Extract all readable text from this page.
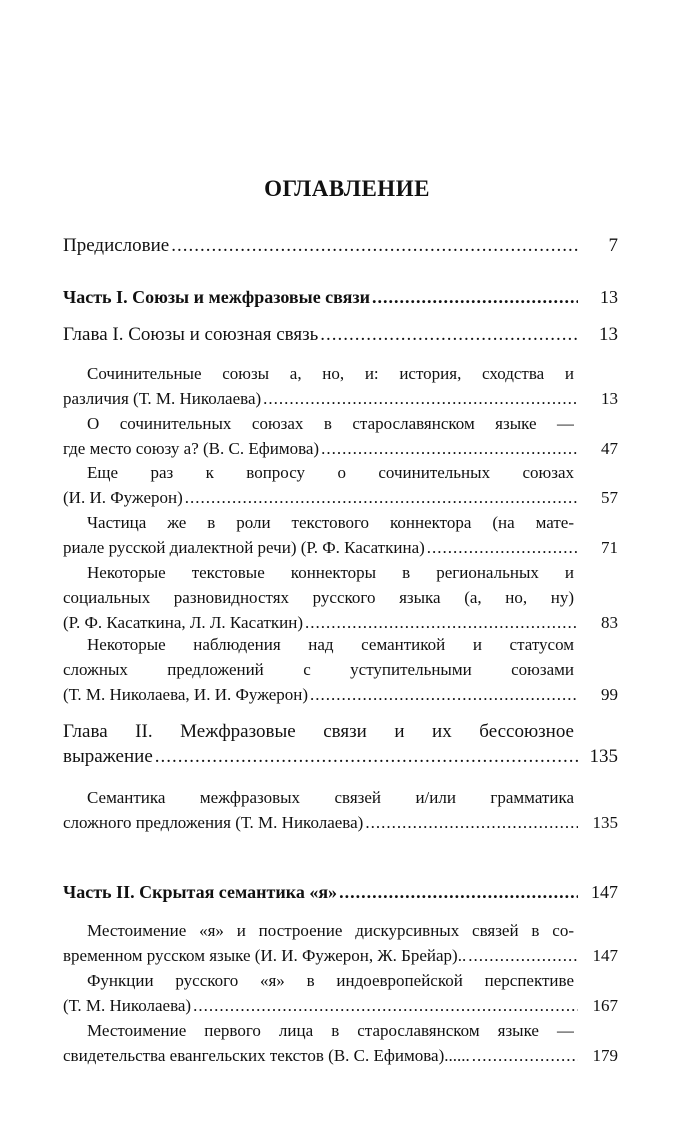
ОГЛАВЛЕНИЕ
Предисловие .....	7
Часть I. Союзы и межфразовые связи .....	13
Глава I. Союзы и союзная связь .....	13
Сочинительные союзы а, но, и: история, сходства и
различия (Т. М. Николаева) .....	13
О сочинительных союзах в старославянском языке —
где место союзу а? (В. С. Ефимова) .....	47
Еще раз к вопросу о сочинительных союзах
(И. И. Фужерон) .....	57
Частица же в роли текстового коннектора (на мате-
риале русской диалектной речи) (Р. Ф. Касаткина) .....	71
Некоторые текстовые коннекторы в региональных и
социальных разновидностях русского языка (а, но, ну)
(Р. Ф. Касаткина, Л. Л. Касаткин) .....	83
Некоторые наблюдения над семантикой и статусом
сложных предложений с уступительными союзами
(Т. М. Николаева, И. И. Фужерон) .....	99
Глава II. Межфразовые связи и их бессоюзное
выражение .....	135
Семантика межфразовых связей и/или грамматика
сложного предложения (Т. М. Николаева) .....	135
Часть II. Скрытая семантика «я» .....	147
Местоимение «я» и построение дискурсивных связей в со-
временном русском языке (И. И. Фужерон, Ж. Брейар).. .....	147
Функции русского «я» в индоевропейской перспективе
(Т. М. Николаева) .....	167
Местоимение первого лица в старославянском языке —
свидетельства евангельских текстов (В. С. Ефимова)...... .....	179
